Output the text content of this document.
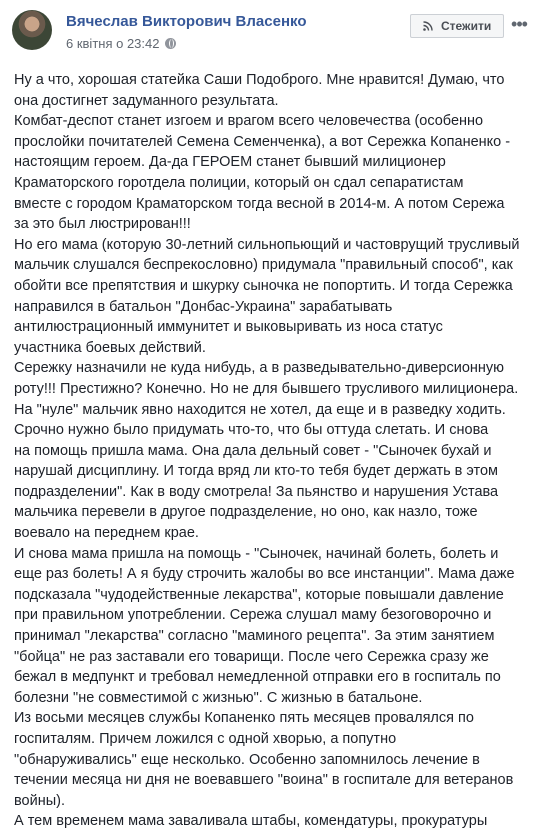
Вячеслав Викторович Власенко
6 квітня о 23:42
Стежити •••

Ну а что, хорошая статейка Саши Подоброго. Мне нравится! Думаю, что

она достигнет задуманного результата.

Комбат-деспот станет изгоем и врагом всего человечества (особенно

прослойки почитателей Семена Семенченка), а вот Сережка Копаненко -

настоящим героем. Да-да ГЕРОЕМ станет бывший милиционер

Краматорского горотдела полиции, который он сдал сепаратистам

вместе с городом Краматорском тогда весной в 2014-м. А потом Сережа

за это был люстрирован!!!

Но его мама (которую 30-летний сильнопьющий и частоврущий трусливый

мальчик слушался беспрекословно) придумала "правильный способ", как

обойти все препятствия и шкурку сыночка не попортить. И тогда Сережка

направился в батальон "Донбас-Украина" зарабатывать

антилюстрационный иммунитет и выковыривать из носа статус

участника боевых действий.

Сережку назначили не куда нибудь, а в разведывательно-диверсионную

роту!!! Престижно? Конечно. Но не для бывшего трусливого милиционера.

На "нуле" мальчик явно находится не хотел, да еще и в разведку ходить.

Срочно нужно было придумать что-то, что бы оттуда слетать. И снова

на помощь пришла мама. Она дала дельный совет - "Сыночек бухай и

нарушай дисциплину. И тогда вряд ли кто-то тебя будет держать в этом

подразделении". Как в воду смотрела! За пьянство и нарушения Устава

мальчика перевели в другое подразделение, но оно, как назло, тоже

воевало на переднем крае.

И снова мама пришла на помощь - "Сыночек, начинай болеть, болеть и

еще раз болеть! А я буду строчить жалобы во все инстанции". Мама даже

подсказала "чудодейственные лекарства", которые повышали давление

при правильном употреблении. Сережа слушал маму безоговорочно и

принимал "лекарства" согласно "маминого рецепта". За этим занятием

"бойца" не раз заставали его товарищи. После чего Сережка сразу же

бежал в медпункт и требовал немедленной отправки его в госпиталь по

болезни "не совместимой с жизнью". С жизнью в батальоне.

Из восьми месяцев службы Копаненко пять месяцев провалялся по

госпиталям. Причем ложился с одной хворью, а попутно

"обнаруживались" еще несколько. Особенно запомнилось лечение в

течении месяца ни дня не воевавшего "воина" в госпитале для ветеранов

войны).

А тем временем мама заваливала штабы, комендатуры, прокуратуры
